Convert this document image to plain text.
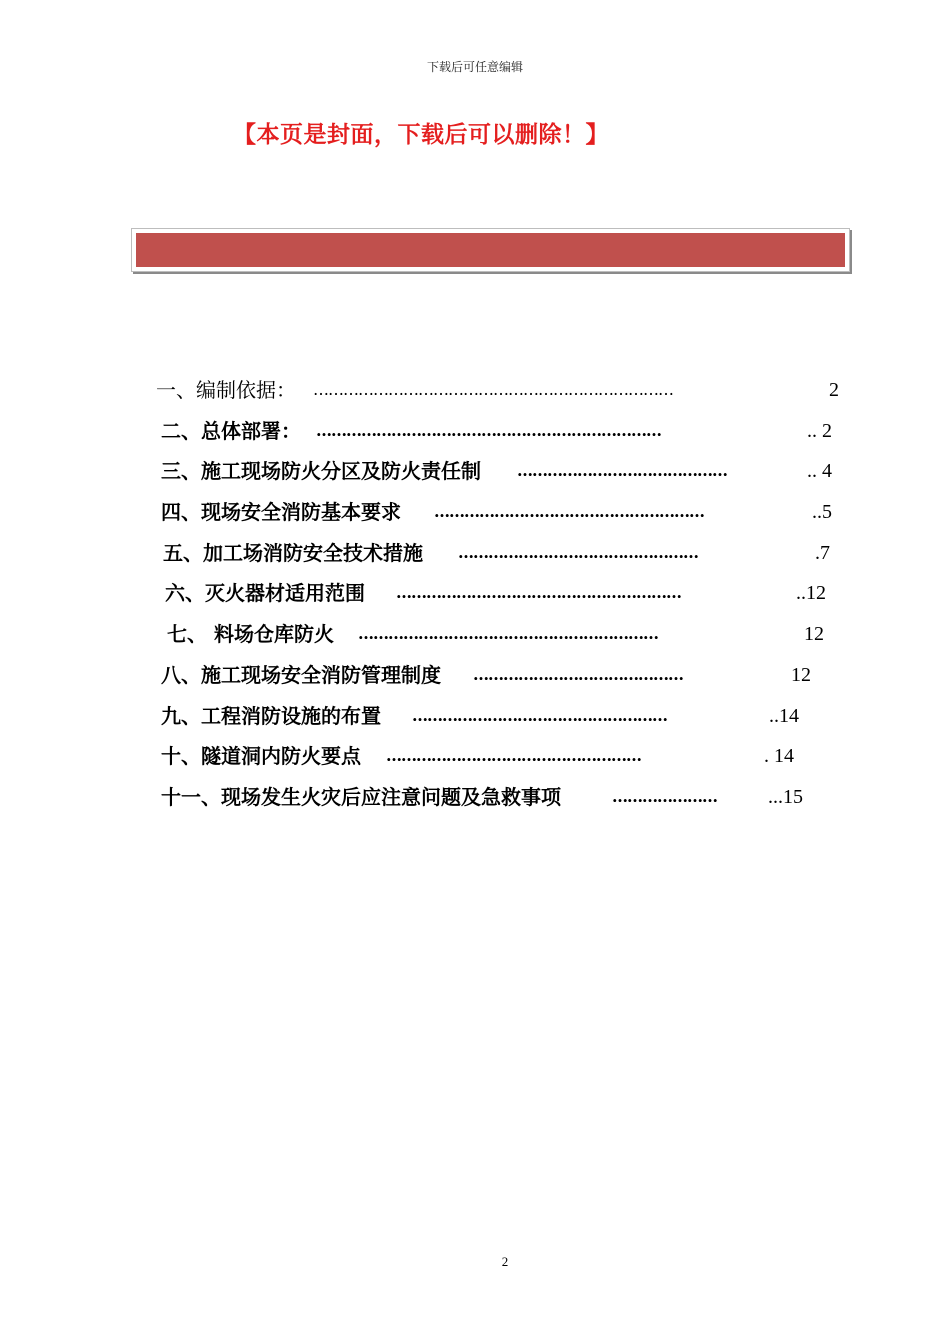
下载后可任意编辑
【本页是封面，下载后可以删除！】
一、编制依据： ………………………………………………………………	2
二、总体部署： ……………………………………………………………	.. 2
三、施工现场防火分区及防火责任制 ……………………………………	.. 4
四、现场安全消防基本要求 ………………………………………………	..5
五、加工场消防安全技术措施 …………………………………………	.7
六、灭火器材适用范围 …………………………………………………	..12
七、 料场仓库防火 ……………………………………………………	12
八、施工现场安全消防管理制度 ……………………………………	12
九、工程消防设施的布置 ……………………………………………	..14
十、隧道洞内防火要点 ……………………………………………	. 14
十一、现场发生火灾后应注意问题及急救事项	…………………	...15
2
